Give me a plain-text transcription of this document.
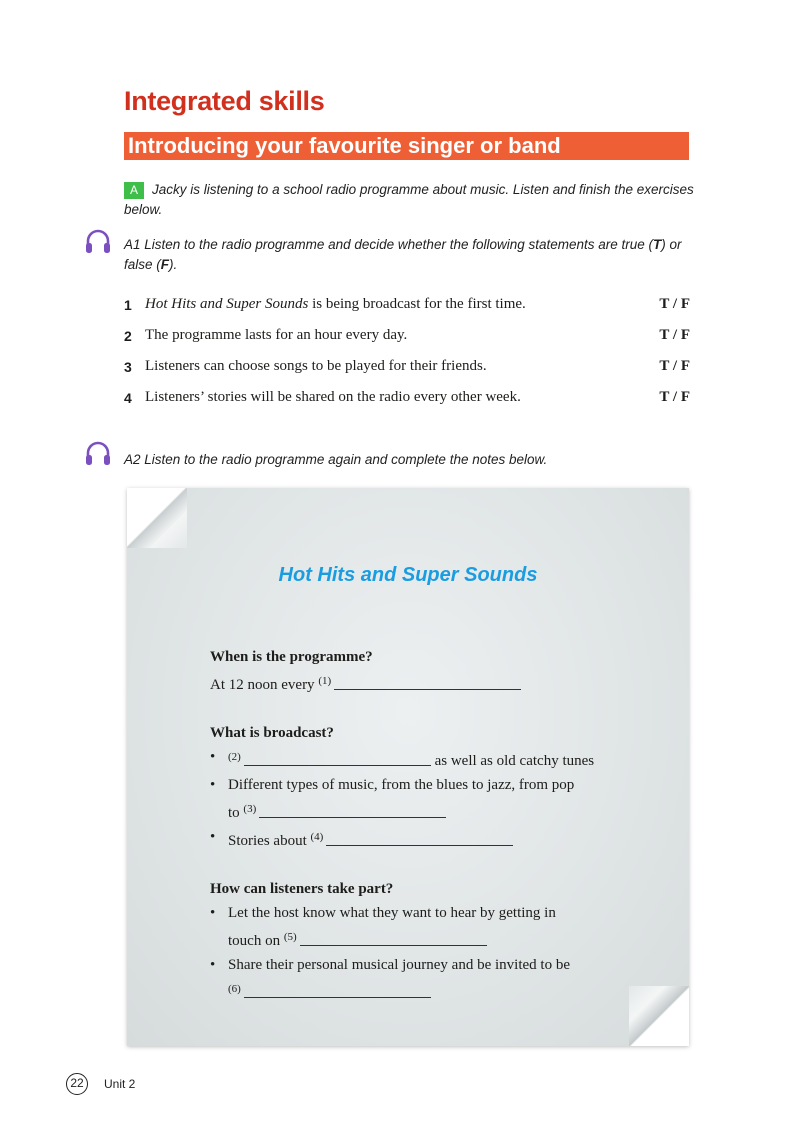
Integrated skills
Introducing your favourite singer or band
A Jacky is listening to a school radio programme about music. Listen and finish the exercises below.
A1 Listen to the radio programme and decide whether the following statements are true (T) or false (F).
1 Hot Hits and Super Sounds is being broadcast for the first time.	T / F
2 The programme lasts for an hour every day.	T / F
3 Listeners can choose songs to be played for their friends.	T / F
4 Listeners’ stories will be shared on the radio every other week.	T / F
A2 Listen to the radio programme again and complete the notes below.
Hot Hits and Super Sounds
When is the programme?
At 12 noon every $^{(1)}$
What is broadcast?
• $^{(2)}$	as well as old catchy tunes
• Different types of music, from the blues to jazz, from pop
to $^{(3)}$
• Stories about $^{(4)}$
How can listeners take part?
• Let the host know what they want to hear by getting in
touch on $^{(5)}$
• Share their personal musical journey and be invited to be
$^{(6)}$
22	Unit 2
